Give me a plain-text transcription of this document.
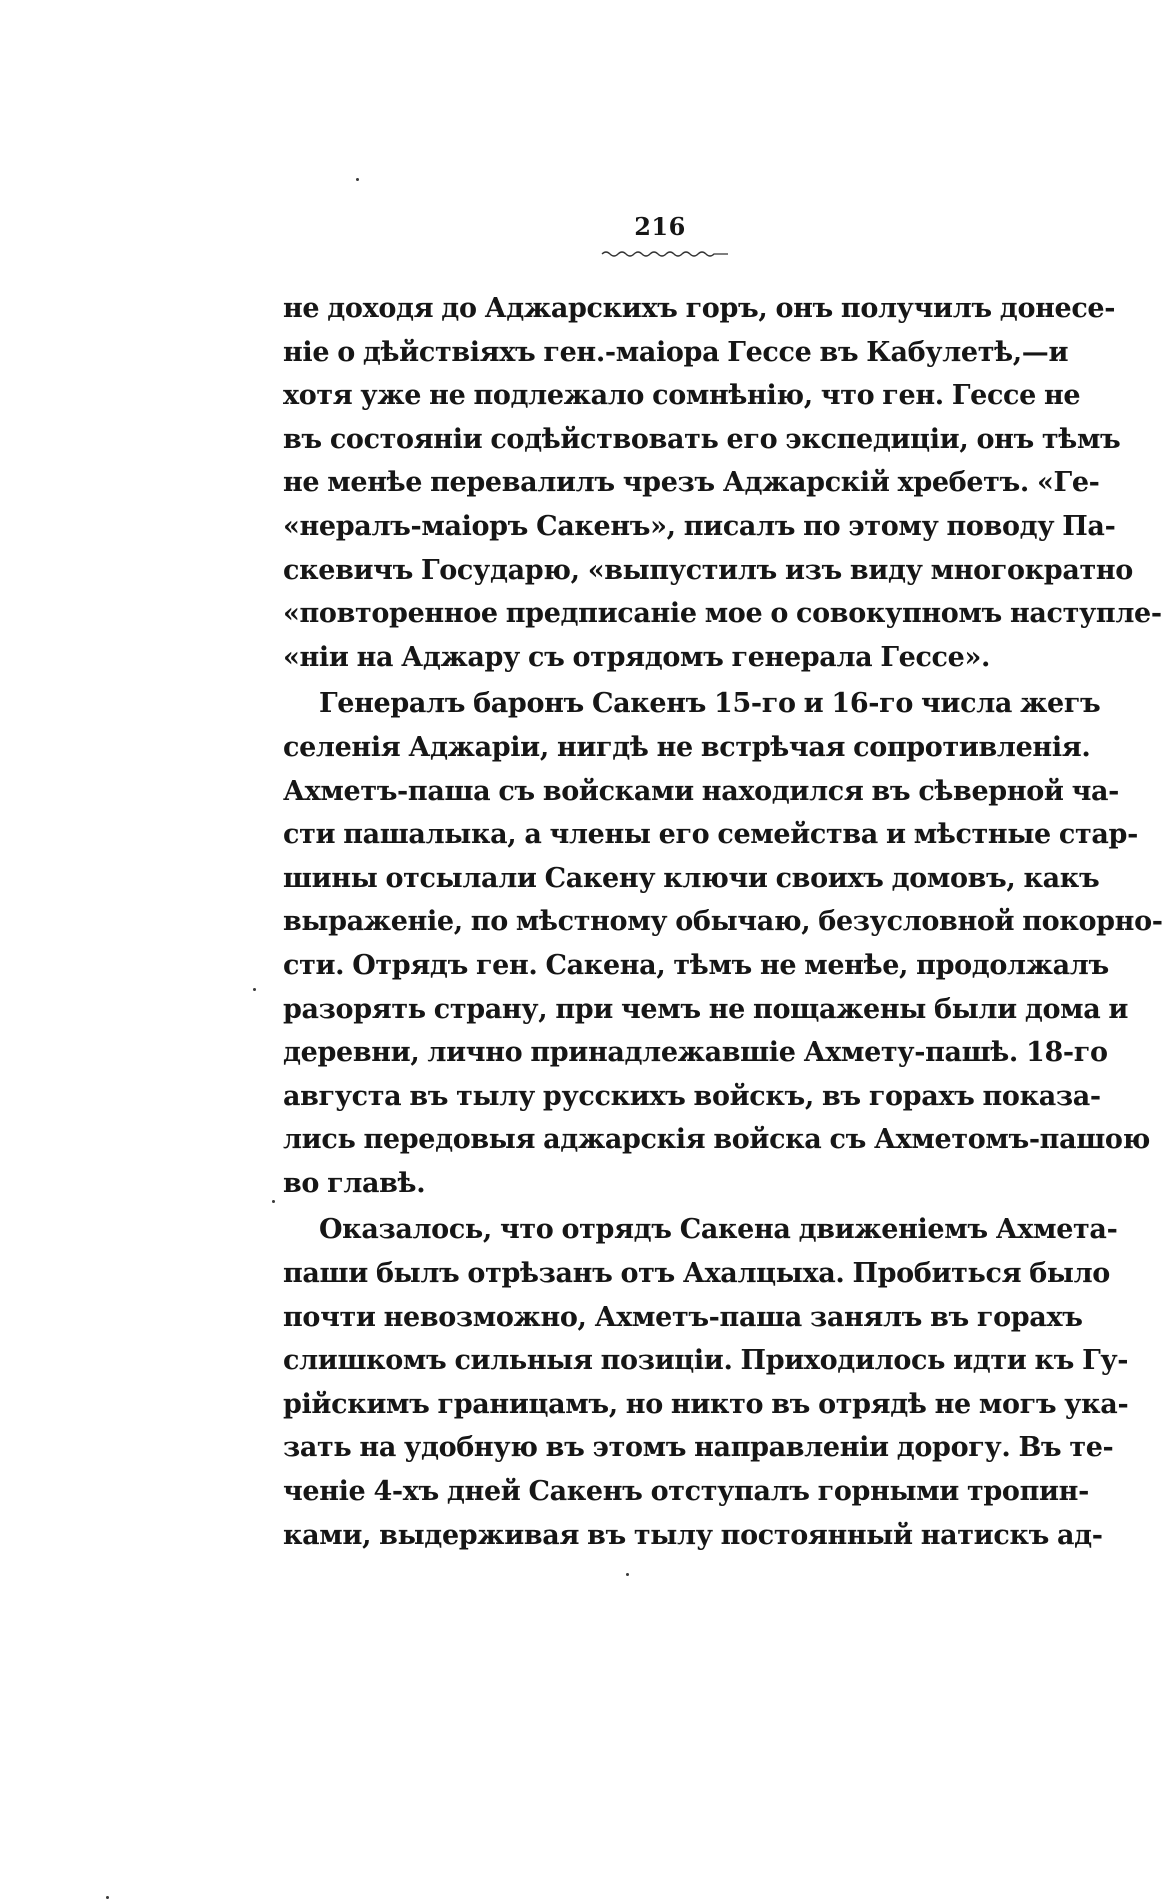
216
не доходя до Аджарскихъ горъ, онъ получилъ донесе-
ніе о дѣйствіяхъ ген.-маіора Гессе въ Кабулетѣ,—и
хотя уже не подлежало сомнѣнію, что ген. Гессе не
въ состояніи содѣйствовать его экспедиціи, онъ тѣмъ
не менѣе перевалилъ чрезъ Аджарскій хребетъ. «Ге-
«нералъ-маіоръ Сакенъ», писалъ по этому поводу Па-
скевичъ Государю, «выпустилъ изъ виду многократно
«повторенное предписаніе мое о совокупномъ наступле-
«ніи на Аджару съ отрядомъ генерала Гессе».
Генералъ баронъ Сакенъ 15-го и 16-го числа жегъ
селенія Аджаріи, нигдѣ не встрѣчая сопротивленія.
Ахметъ-паша съ войсками находился въ сѣверной ча-
сти пашалыка, а члены его семейства и мѣстные стар-
шины отсылали Сакену ключи своихъ домовъ, какъ
выраженіе, по мѣстному обычаю, безусловной покорно-
сти. Отрядъ ген. Сакена, тѣмъ не менѣе, продолжалъ
разорять страну, при чемъ не пощажены были дома и
деревни, лично принадлежавшіе Ахмету-пашѣ. 18-го
августа въ тылу русскихъ войскъ, въ горахъ показа-
лись передовыя аджарскія войска съ Ахметомъ-пашою
во главѣ.
Оказалось, что отрядъ Сакена движеніемъ Ахмета-
паши былъ отрѣзанъ отъ Ахалцыха. Пробиться было
почти невозможно, Ахметъ-паша занялъ въ горахъ
слишкомъ сильныя позиціи. Приходилось идти къ Гу-
рійскимъ границамъ, но никто въ отрядѣ не могъ ука-
зать на удобную въ этомъ направленіи дорогу. Въ те-
ченіе 4-хъ дней Сакенъ отступалъ горными тропин-
ками, выдерживая въ тылу постоянный натискъ ад-
